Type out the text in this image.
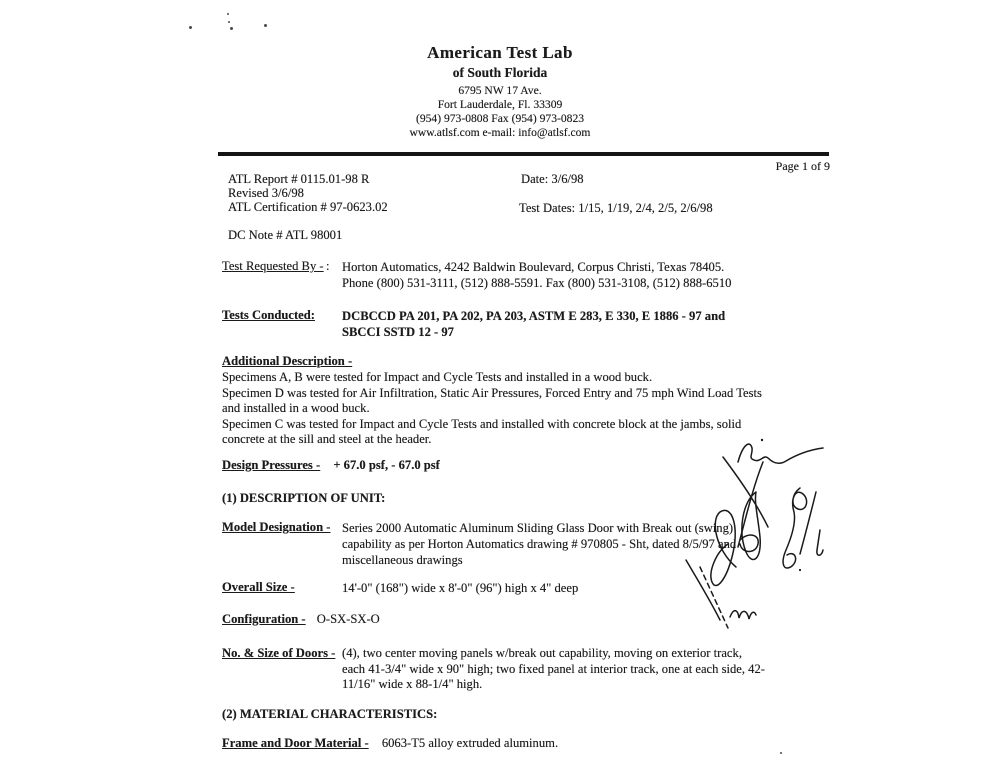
American Test Lab
of South Florida
6795 NW 17 Ave.
Fort Lauderdale, Fl. 33309
(954) 973-0808 Fax (954) 973-0823
www.atlsf.com e-mail: info@atlsf.com
Page 1 of 9
ATL Report # 0115.01-98 R
Revised 3/6/98
ATL Certification # 97-0623.02
Date: 3/6/98
Test Dates: 1/15, 1/19, 2/4, 2/5, 2/6/98
DC Note # ATL 98001
Test Requested By - : Horton Automatics, 4242 Baldwin Boulevard, Corpus Christi, Texas 78405.
Phone (800) 531-3111, (512) 888-5591. Fax (800) 531-3108, (512) 888-6510
Tests Conducted: DCBCCD PA 201, PA 202, PA 203, ASTM E 283, E 330, E 1886 - 97 and
SBCCI SSTD 12 - 97
Additional Description -
Specimens A, B were tested for Impact and Cycle Tests and installed in a wood buck.
Specimen D was tested for Air Infiltration, Static Air Pressures, Forced Entry and 75 mph Wind Load Tests
and installed in a wood buck.
Specimen C was tested for Impact and Cycle Tests and installed with concrete block at the jambs, solid
concrete at the sill and steel at the header.
Design Pressures - + 67.0 psf, - 67.0 psf
(1) DESCRIPTION OF UNIT:
Model Designation - Series 2000 Automatic Aluminum Sliding Glass Door with Break out (swing)
capability as per Horton Automatics drawing # 970805 - Sht, dated 8/5/97 and
miscellaneous drawings
Overall Size -	14'-0" (168") wide x 8'-0" (96") high x 4" deep
Configuration - O-SX-SX-O
No. & Size of Doors - (4), two center moving panels w/break out capability, moving on exterior track,
each 41-3/4" wide x 90" high; two fixed panel at interior track, one at each side, 42-
11/16" wide x 88-1/4" high.
(2) MATERIAL CHARACTERISTICS:
Frame and Door Material - 6063-T5 alloy extruded aluminum.
